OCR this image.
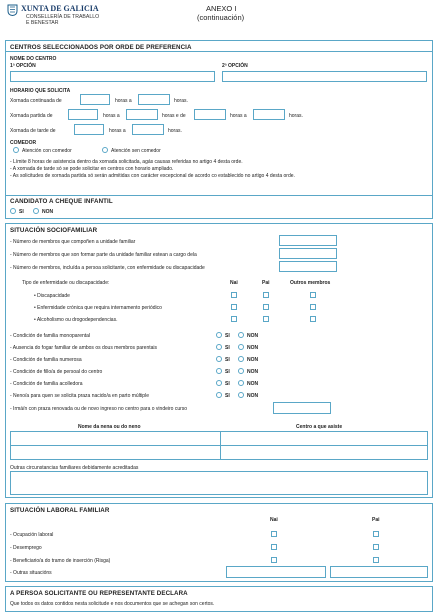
XUNTA DE GALICIA
CONSELLERÍA DE TRABALLO
E BENESTAR
ANEXO I
(continuación)
CENTROS SELECCIONADOS POR ORDE DE PREFERENCIA
NOME DO CENTRO
1ª OPCIÓN	2ª OPCIÓN
HORARIO QUE SOLICITA
Xornada continuada de	horas a	horas.
Xornada partida de	horas a	horas e de	horas a	horas.
Xornada de tarde de	horas a	horas.
COMEDOR
Atención con comedor	Atención sen comedor
- Límite 8 horas de asistencia dentro da xornada solicitada, agás causas referidas no artigo 4 desta orde.
- A xornada de tarde só se pode solicitar en centros con horario ampliado.
- As solicitudes de xornada partida só serán admitidas con carácter excepcional de acordo co establecido no artigo 4 desta orde.
CANDIDATO A CHEQUE INFANTIL
SI	NON
SITUACIÓN SOCIOFAMILIAR
- Número de membros que compoñen a unidade familiar
- Número de membros que son formar parte da unidade familiar estean a cargo dela
- Número de membros, incluída a persoa solicitante, con enfermidade ou discapacidade
Tipo de enfermidade ou discapacidade:	Nai	Pai	Outros membros
• Discapacidade
• Enfermidade crónica que requira internamento periódico
• Alcoholismo ou drogodependencias.
- Condición de familia monoparental	SI	NON
- Ausencia do fogar familiar de ambos os dous membros parentais	SI	NON
- Condición de familia numerosa	SI	NON
- Condición de fillo/a de persoal do centro	SI	NON
- Condición de familia acolledora	SI	NON
- Neno/a para quen se solicita praza nacido/a en parto múltiple	SI	NON
- Irmá/n con praza renovada ou de novo ingreso no centro para o vindeiro curso
Nome da nena ou do neno	Centro a que asiste
Outras circunstancias familiares debidamente acreditadas
SITUACIÓN LABORAL FAMILIAR
Nai	Pai
- Ocupación laboral
- Desemprego
- Beneficiario/a do tramo de inserción (Risga)
- Outras situacións
A PERSOA SOLICITANTE OU REPRESENTANTE DECLARA
Que todos os datos contidos nesta solicitude e nos documentos que se achegan son certos.
